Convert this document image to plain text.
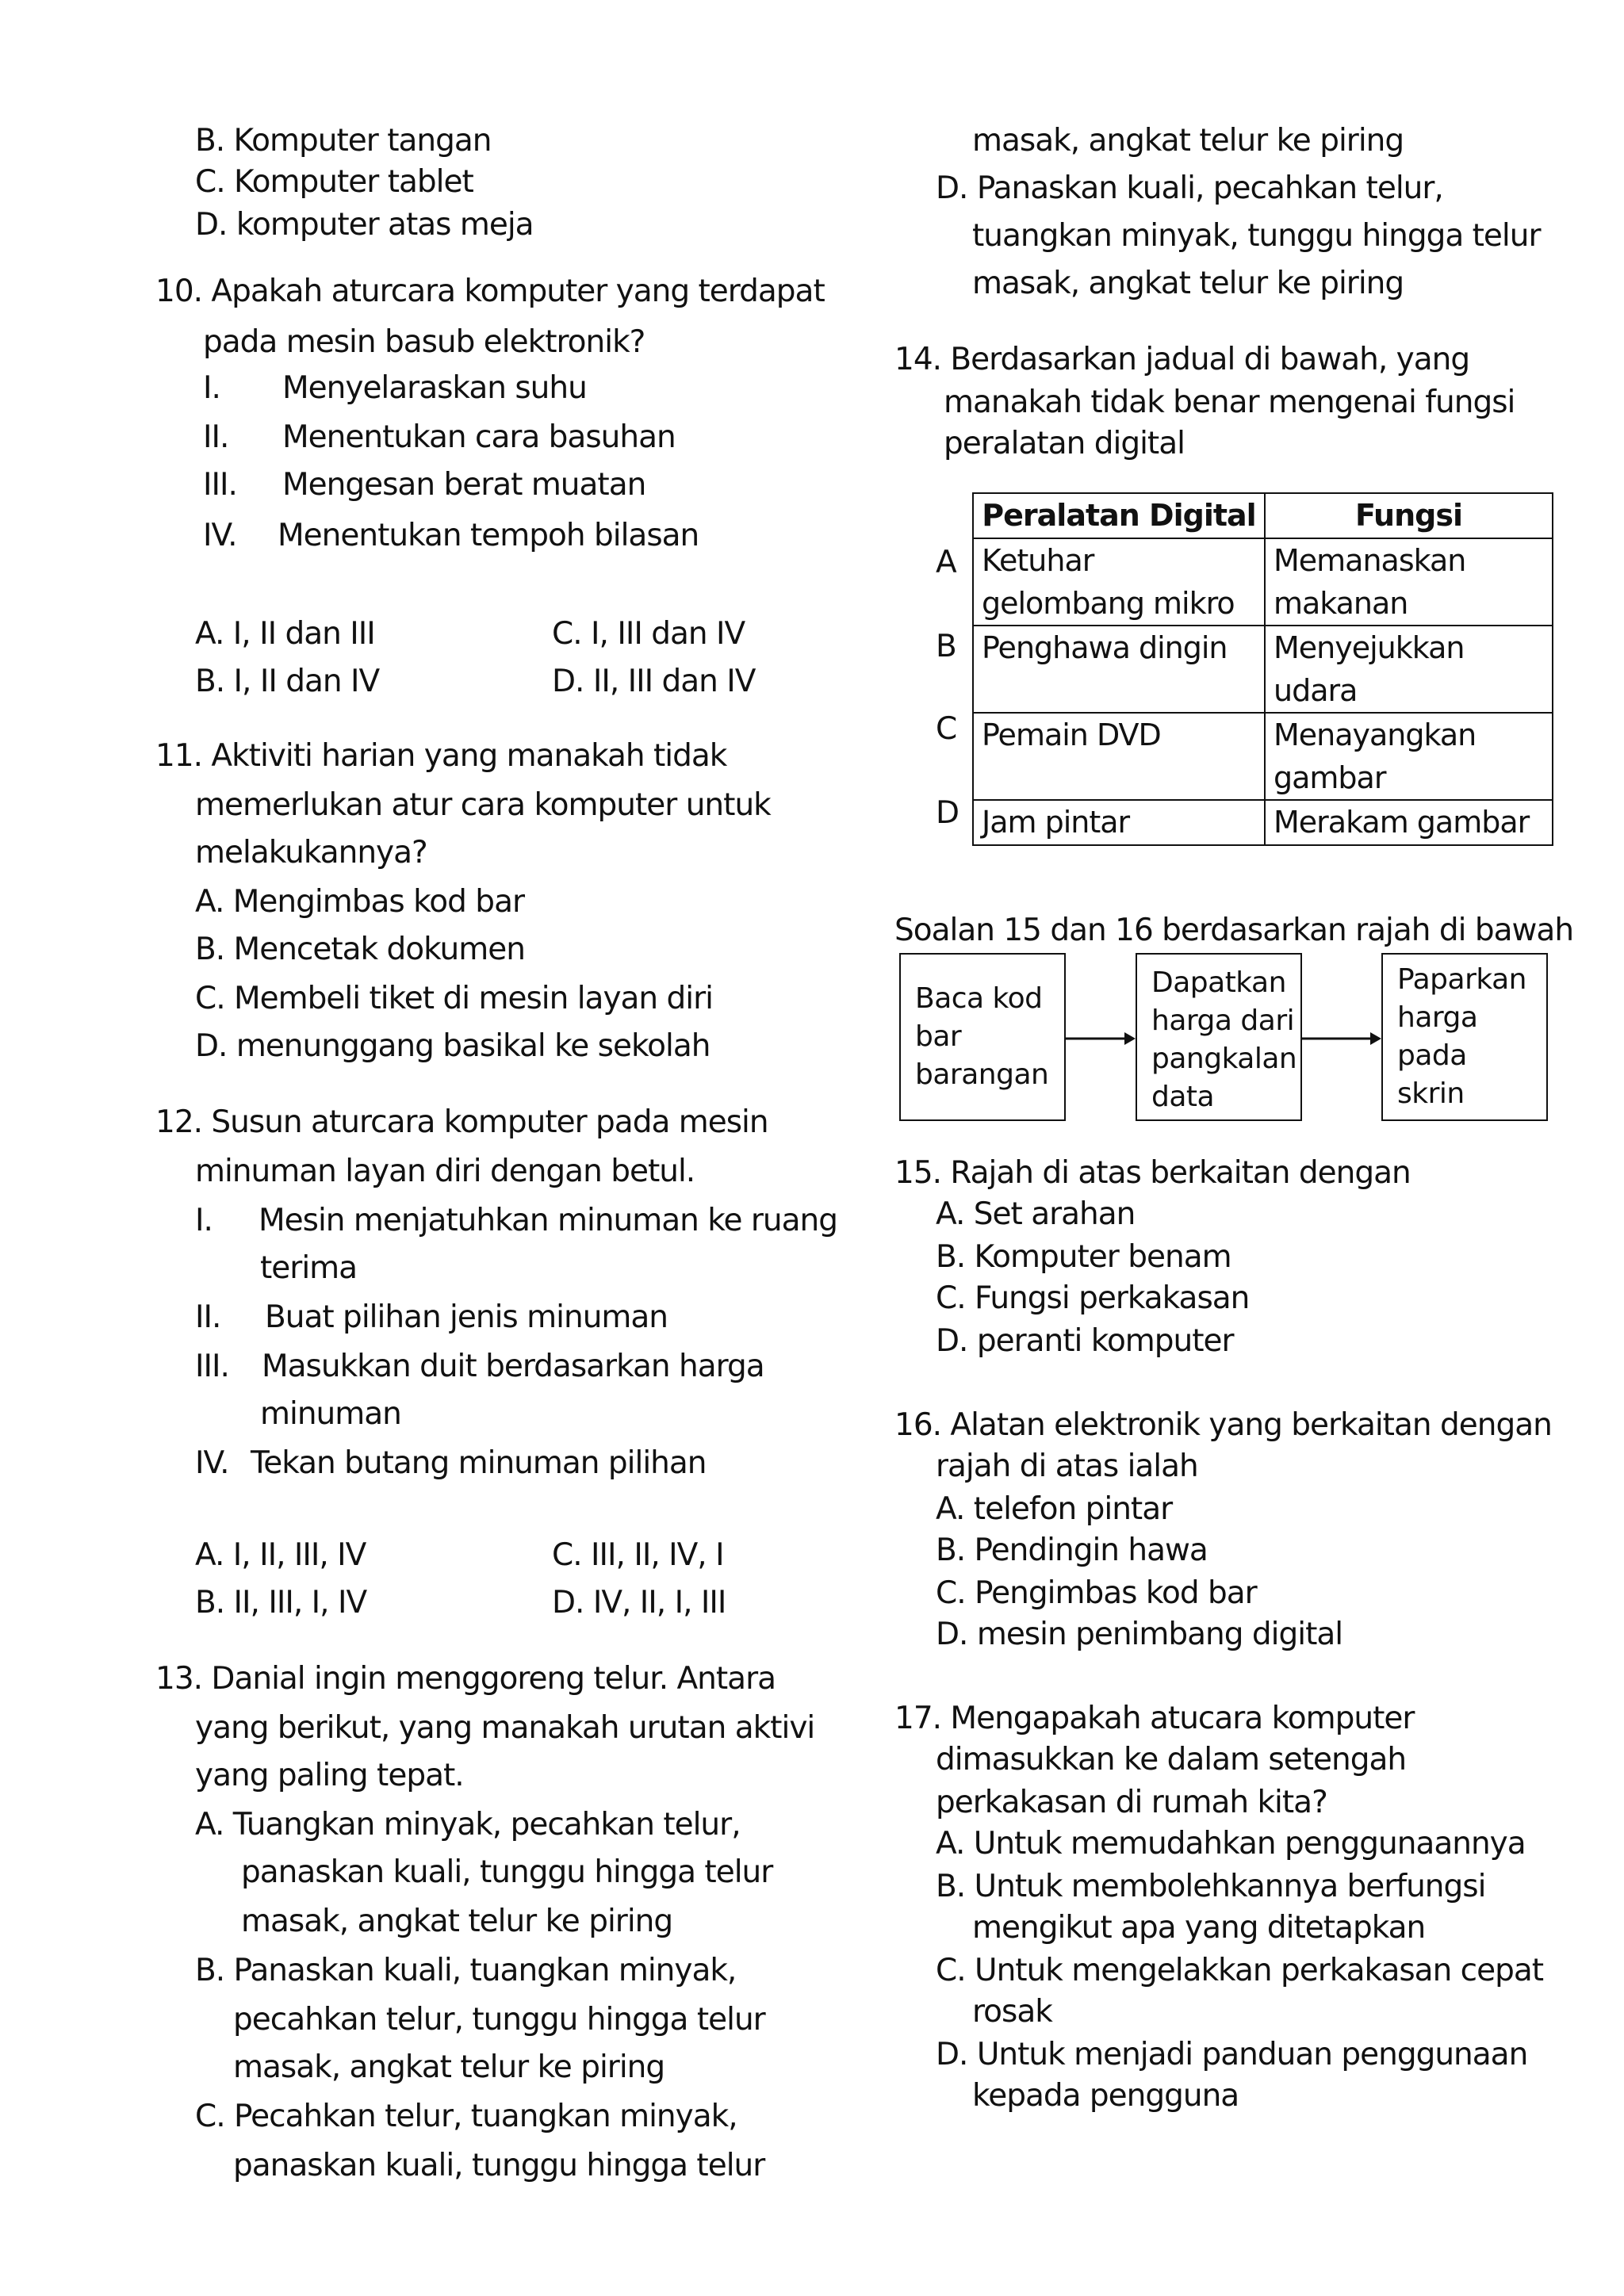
B. Komputer tangan
C. Komputer tablet
D. komputer atas meja
10. Apakah aturcara komputer yang terdapat
pada mesin basub elektronik?
I. Menyelaraskan suhu
II. Menentukan cara basuhan
III. Mengesan berat muatan
IV. Menentukan tempoh bilasan
A. I, II dan III	C. I, III dan IV
B. I, II dan IV	D. II, III dan IV
11. Aktiviti harian yang manakah tidak
memerlukan atur cara komputer untuk
melakukannya?
A. Mengimbas kod bar
B. Mencetak dokumen
C. Membeli tiket di mesin layan diri
D. menunggang basikal ke sekolah
12. Susun aturcara komputer pada mesin
minuman layan diri dengan betul.
I. Mesin menjatuhkan minuman ke ruang
terima
II. Buat pilihan jenis minuman
III. Masukkan duit berdasarkan harga
minuman
IV. Tekan butang minuman pilihan
A. I, II, III, IV	C. III, II, IV, I
B. II, III, I, IV	D. IV, II, I, III
13. Danial ingin menggoreng telur. Antara
yang berikut, yang manakah urutan aktivi
yang paling tepat.
A. Tuangkan minyak, pecahkan telur,
panaskan kuali, tunggu hingga telur
masak, angkat telur ke piring
B. Panaskan kuali, tuangkan minyak,
pecahkan telur, tunggu hingga telur
masak, angkat telur ke piring
C. Pecahkan telur, tuangkan minyak,
panaskan kuali, tunggu hingga telur
masak, angkat telur ke piring
D. Panaskan kuali, pecahkan telur,
tuangkan minyak, tunggu hingga telur
masak, angkat telur ke piring
14. Berdasarkan jadual di bawah, yang
manakah tidak benar mengenai fungsi
peralatan digital
A
B
C
D
Peralatan Digital	Fungsi
Ketuhar gelombang mikro	Memanaskan makanan
Penghawa dingin	Menyejukkan udara
Pemain DVD	Menayangkan gambar
Jam pintar	Merakam gambar
Soalan 15 dan 16 berdasarkan rajah di bawah
Baca kod
bar
barangan
Dapatkan
harga dari
pangkalan
data
Paparkan
harga pada
skrin
15. Rajah di atas berkaitan dengan
A. Set arahan
B. Komputer benam
C. Fungsi perkakasan
D. peranti komputer
16. Alatan elektronik yang berkaitan dengan
rajah di atas ialah
A. telefon pintar
B. Pendingin hawa
C. Pengimbas kod bar
D. mesin penimbang digital
17. Mengapakah atucara komputer
dimasukkan ke dalam setengah
perkakasan di rumah kita?
A. Untuk memudahkan penggunaannya
B. Untuk membolehkannya berfungsi
mengikut apa yang ditetapkan
C. Untuk mengelakkan perkakasan cepat
rosak
D. Untuk menjadi panduan penggunaan
kepada pengguna
